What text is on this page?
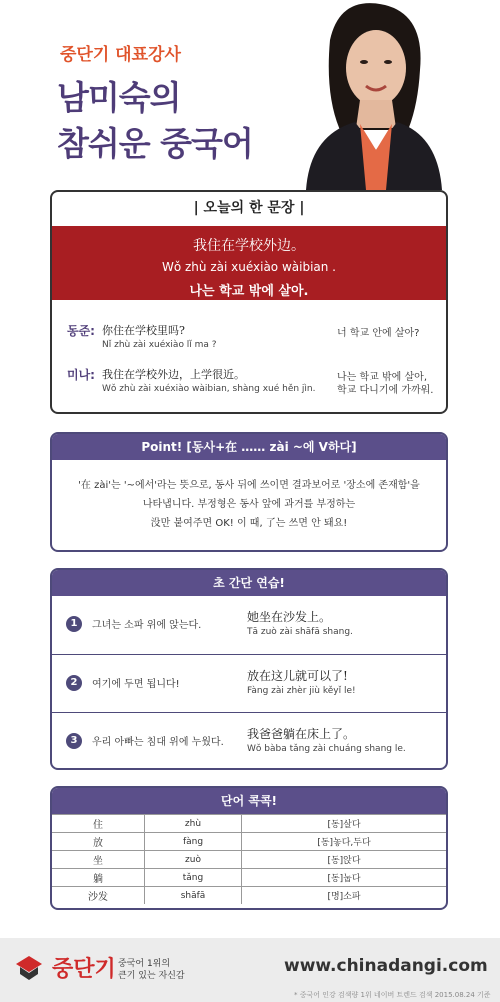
중단기 대표강사
남미숙의
참쉬운 중국어
| 오늘의 한 문장 |
我住在学校外边。
Wǒ zhù zài xuéxiào wàibian .
나는 학교 밖에 살아.
동준: 你住在学校里吗?
Nǐ zhù zài xuéxiào lǐ ma ?
너 학교 안에 살아?
미나: 我住在学校外边，上学很近。
Wǒ zhù zài xuéxiào wàibian, shàng xué hěn jìn.
나는 학교 밖에 살아,
학교 다니기에 가까워.
Point! [동사+在 …… zài ~에 V하다]
'在 zài'는 '~에서'라는 뜻으로, 동사 뒤에 쓰이면 결과보어로 '장소에 존재함'을
나타냅니다. 부정형은 동사 앞에 과거를 부정하는
没만 붙여주면 OK! 이 때, 了는 쓰면 안 돼요!
초 간단 연습!
1	그녀는 소파 위에 앉는다.
她坐在沙发上。
Tā zuò zài shāfā shang.
2	여기에 두면 됩니다!
放在这儿就可以了!
Fàng zài zhèr jiù kěyǐ le!
3	우리 아빠는 침대 위에 누웠다.
我爸爸躺在床上了。
Wǒ bàba tǎng zài chuáng shang le.
단어 콕콕!
住	zhù	[동]살다
放	fàng	[동]놓다,두다
坐	zuò	[동]앉다
躺	tǎng	[동]눕다
沙发	shāfā	[명]소파
중단기 중국어 1위의
큰기 있는 자신감	www.chinadangi.com
* 중국어 인강 검색량 1위 네이버 트렌드 검색 2015.08.24 기준
